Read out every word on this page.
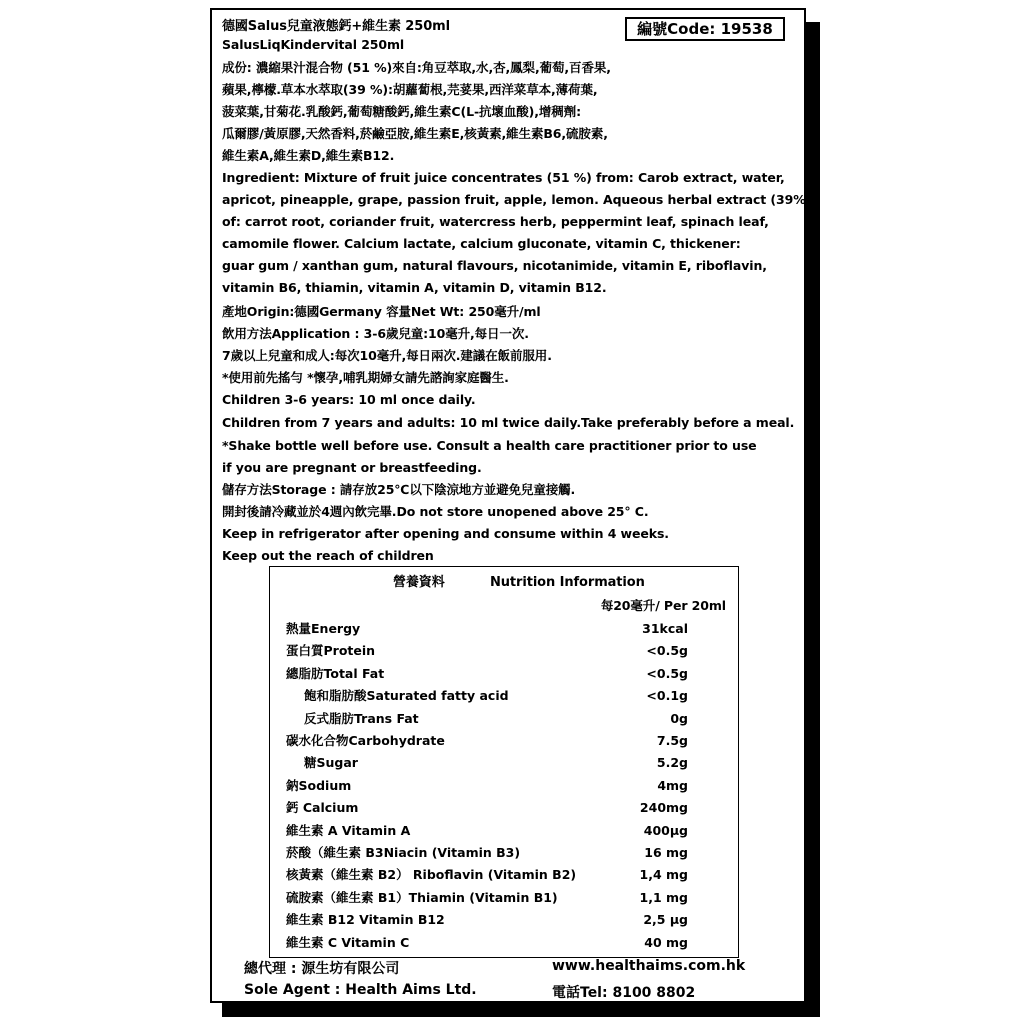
德國Salus兒童液態鈣+維生素 250ml
SalusLiqKindervital 250ml
編號Code: 19538
成份: 濃縮果汁混合物 (51 %)來自:角豆萃取,水,杏,鳳梨,葡萄,百香果,
蘋果,檸檬.草本水萃取(39 %):胡蘿蔔根,芫荽果,西洋菜草本,薄荷葉,
菠菜葉,甘菊花.乳酸鈣,葡萄糖酸鈣,維生素C(L-抗壞血酸),增稠劑:
瓜爾膠/黃原膠,天然香料,菸鹼亞胺,維生素E,核黃素,維生素B6,硫胺素,
維生素A,維生素D,維生素B12.
Ingredient: Mixture of fruit juice concentrates (51 %) from: Carob extract, water,
apricot, pineapple, grape, passion fruit, apple, lemon. Aqueous herbal extract (39%)
of: carrot root, coriander fruit, watercress herb, peppermint leaf, spinach leaf,
camomile flower. Calcium lactate, calcium gluconate, vitamin C, thickener:
guar gum / xanthan gum, natural flavours, nicotanimide, vitamin E, riboflavin,
vitamin B6, thiamin, vitamin A, vitamin D, vitamin B12.
產地Origin:德國Germany 容量Net Wt: 250毫升/ml
飲用方法Application : 3-6歲兒童:10毫升,每日一次.
7歲以上兒童和成人:每次10毫升,每日兩次.建議在飯前服用.
*使用前先搖勻 *懷孕,哺乳期婦女請先諮詢家庭醫生.
Children 3-6 years: 10 ml once daily.
Children from 7 years and adults: 10 ml twice daily.Take preferably before a meal.
*Shake bottle well before use. Consult a health care practitioner prior to use
if you are pregnant or breastfeeding.
儲存方法Storage : 請存放25℃以下陰涼地方並避免兒童接觸.
開封後請冷藏並於4週內飲完畢.Do not store unopened above 25° C.
Keep in refrigerator after opening and consume within 4 weeks.
Keep out the reach of children
營養資料	Nutrition Information
每20毫升/ Per 20ml
熱量Energy	31kcal
蛋白質Protein	<0.5g
總脂肪Total Fat	<0.5g
飽和脂肪酸Saturated fatty acid	<0.1g
反式脂肪Trans Fat	0g
碳水化合物Carbohydrate	7.5g
糖Sugar	5.2g
鈉Sodium	4mg
鈣 Calcium	240mg
維生素 A Vitamin A	400μg
菸酸（維生素 B3Niacin (Vitamin B3)	16 mg
核黃素（維生素 B2） Riboflavin (Vitamin B2)	1,4 mg
硫胺素（維生素 B1）Thiamin (Vitamin B1)	1,1 mg
維生素 B12 Vitamin B12	2,5 μg
維生素 C Vitamin C	40 mg
總代理 : 源生坊有限公司
Sole Agent : Health Aims Ltd.
www.healthaims.com.hk
電話Tel: 8100 8802
